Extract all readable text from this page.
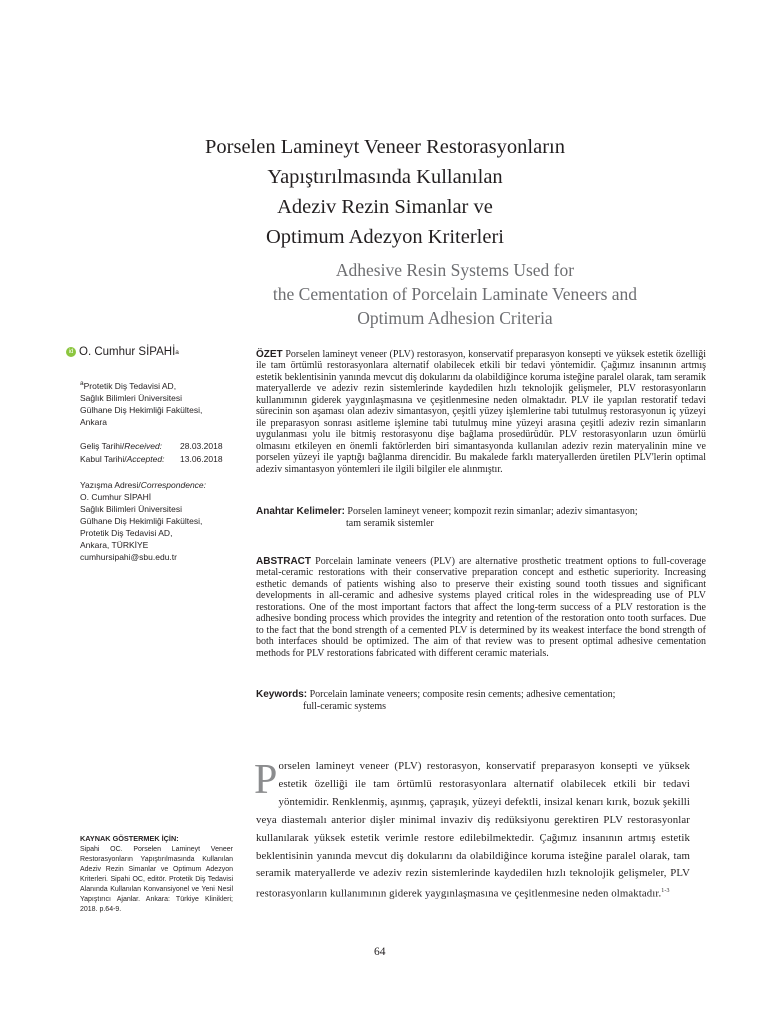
Porselen Lamineyt Veneer Restorasyonların
Yapıştırılmasında Kullanılan
Adeziv Rezin Simanlar ve
Optimum Adezyon Kriterleri
Adhesive Resin Systems Used for
the Cementation of Porcelain Laminate Veneers and
Optimum Adhesion Criteria
id O. Cumhur SİPAHİ a
$^a$Protetik Diş Tedavisi AD,
Sağlık Bilimleri Üniversitesi
Gülhane Diş Hekimliği Fakültesi,
Ankara
Geliş Tarihi/Received:	28.03.2018
Kabul Tarihi/Accepted:	13.06.2018
Yazışma Adresi/Correspondence:
O. Cumhur SİPAHİ
Sağlık Bilimleri Üniversitesi
Gülhane Diş Hekimliği Fakültesi,
Protetik Diş Tedavisi AD,
Ankara, TÜRKİYE
cumhursipahi@sbu.edu.tr
KAYNAK GÖSTERMEK İÇİN:
Sipahi OC. Porselen Lamineyt Veneer Restorasyonların Yapıştırılmasında Kullanılan Adeziv Rezin Simanlar ve Optimum Adezyon Kriterleri. Sipahi OC, editör. Protetik Diş Tedavisi Alanında Kullanılan Konvansiyonel ve Yeni Nesil Yapıştırıcı Ajanlar. Ankara: Türkiye Klinikleri; 2018. p.64-9.
ÖZET Porselen lamineyt veneer (PLV) restorasyon, konservatif preparasyon konsepti ve yüksek estetik özelliği ile tam örtümlü restorasyonlara alternatif olabilecek etkili bir tedavi yöntemidir. Çağımız insanının artmış estetik beklentisinin yanında mevcut diş dokularını da olabildiğince koruma isteğine paralel olarak, tam seramik materyallerde ve adeziv rezin sistemlerinde kaydedilen hızlı teknolojik gelişmeler, PLV restorasyonların kullanımının giderek yaygınlaşmasına ve çeşitlenmesine neden olmaktadır. PLV ile yapılan restoratif tedavi sürecinin son aşaması olan adeziv simantasyon, çeşitli yüzey işlemlerine tabi tutulmuş restorasyonun iç yüzeyi ile preparasyon sonrası asitleme işlemine tabi tutulmuş mine yüzeyi arasına çeşitli adeziv rezin simanların uygulanması yolu ile bitmiş restorasyonu dişe bağlama prosedürüdür. PLV restorasyonların uzun ömürlü olmasını etkileyen en önemli faktörlerden biri simantasyonda kullanılan adeziv rezin materyalinin mine ve porselen yüzeyi ile yaptığı bağlanma direncidir. Bu makalede farklı materyallerden üretilen PLV'lerin optimal adeziv simantasyon yöntemleri ile ilgili bilgiler ele alınmıştır.
Anahtar Kelimeler: Porselen lamineyt veneer; kompozit rezin simanlar; adeziv simantasyon;
tam seramik sistemler
ABSTRACT Porcelain laminate veneers (PLV) are alternative prosthetic treatment options to full-coverage metal-ceramic restorations with their conservative preparation concept and esthetic superiority. Increasing esthetic demands of patients wishing also to preserve their existing sound tooth tissues and significant developments in all-ceramic and adhesive systems played critical roles in the widespreading use of PLV restorations. One of the most important factors that affect the long-term success of a PLV restoration is the adhesive bonding process which provides the integrity and retention of the restoration onto tooth surfaces. Due to the fact that the bond strength of a cemented PLV is determined by its weakest interface the bond strength of both interfaces should be optimized. The aim of that review was to present optimal adhesive cementation methods for PLV restorations fabricated with different ceramic materials.
Keywords: Porcelain laminate veneers; composite resin cements; adhesive cementation;
full-ceramic systems
Porselen lamineyt veneer (PLV) restorasyon, konservatif preparasyon konsepti ve yüksek estetik özelliği ile tam örtümlü restorasyonlara alternatif olabilecek etkili bir tedavi yöntemidir. Renklenmiş, aşınmış, çapraşık, yüzeyi defektli, insizal kenarı kırık, bozuk şekilli veya diastemalı anterior dişler minimal invaziv diş redüksiyonu gerektiren PLV restorasyonlar kullanılarak yüksek estetik verimle restore edilebilmektedir. Çağımız insanının artmış estetik beklentisinin yanında mevcut diş dokularını da olabildiğince koruma isteğine paralel olarak, tam seramik materyallerde ve adeziv rezin sistemlerinde kaydedilen hızlı teknolojik gelişmeler, PLV restorasyonların kullanımının giderek yaygınlaşmasına ve çeşitlenmesine neden olmaktadır.$^{1-3}$
64
